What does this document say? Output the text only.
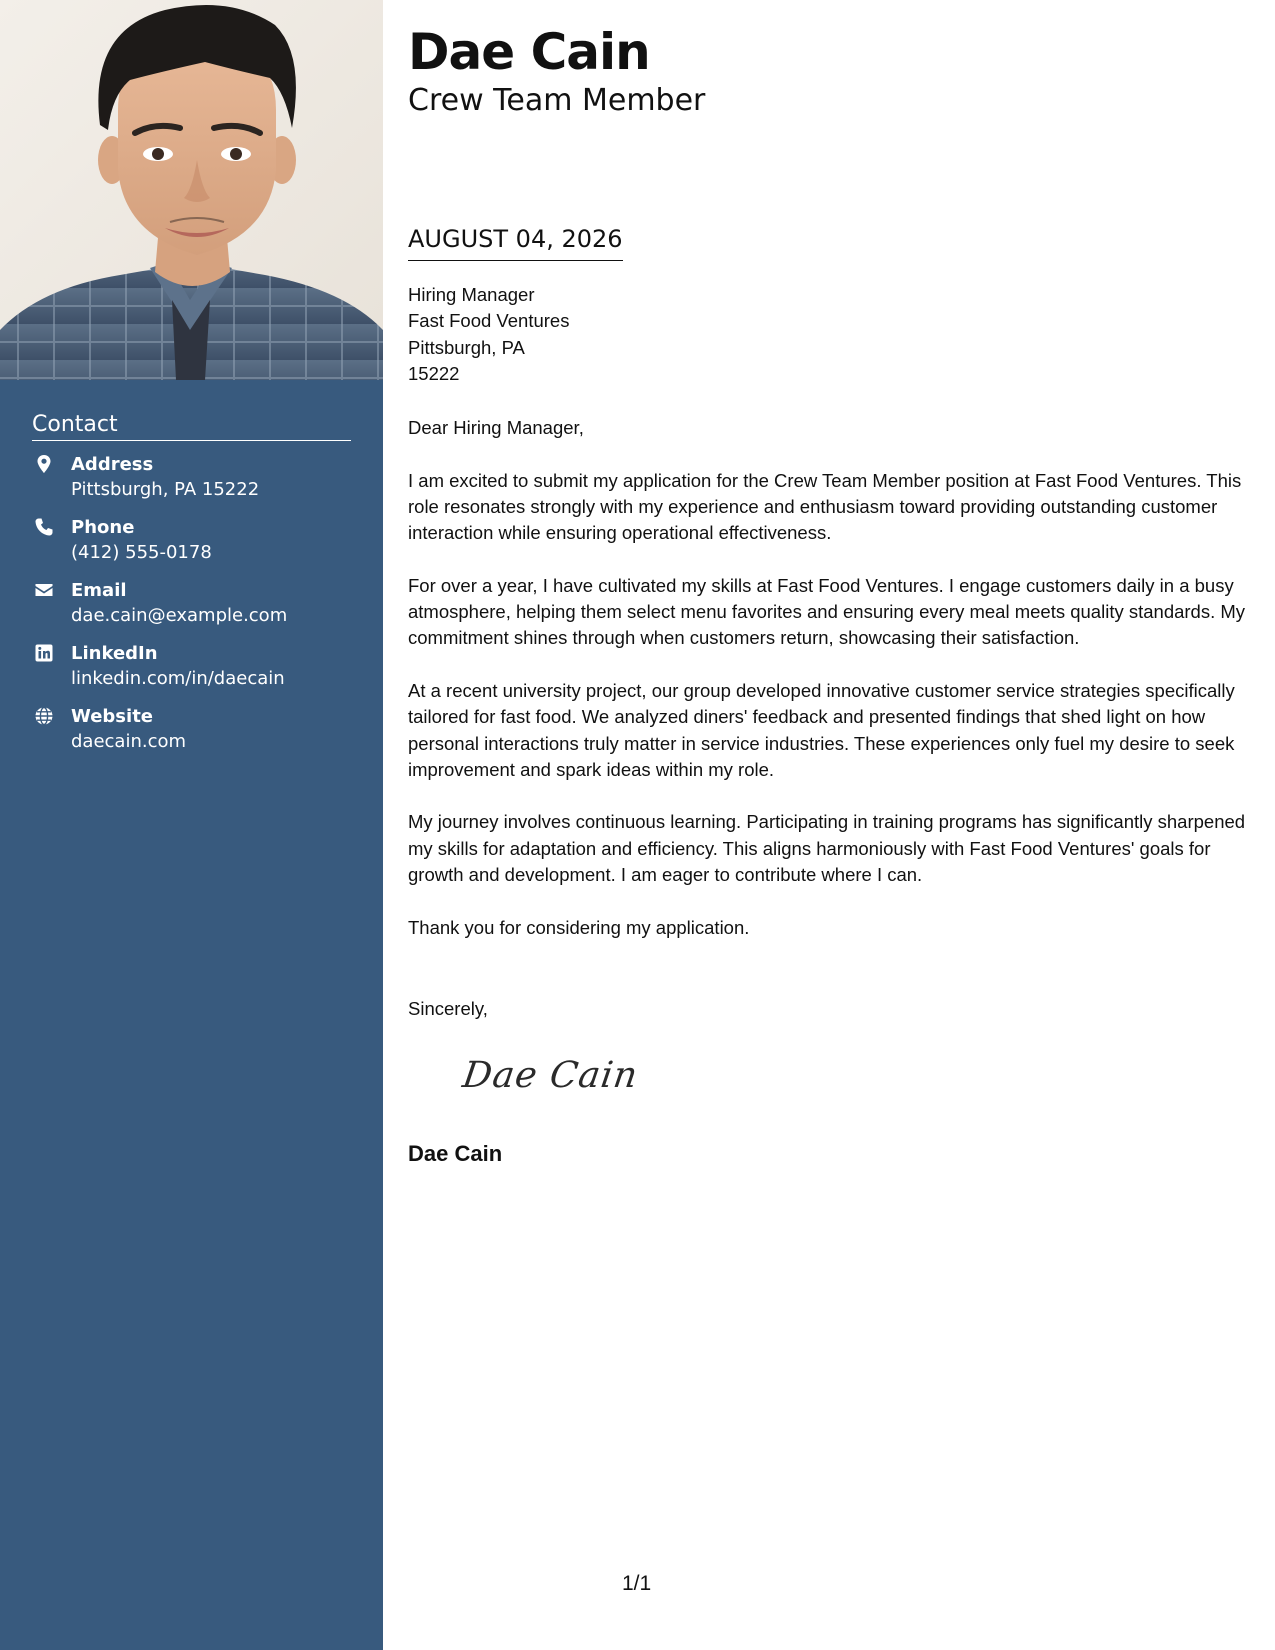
Contact
Address
Pittsburgh, PA 15222
Phone
(412) 555-0178
Email
dae.cain@example.com
LinkedIn
linkedin.com/in/daecain
Website
daecain.com
Dae Cain
Crew Team Member
AUGUST 04, 2026
Hiring Manager
Fast Food Ventures
Pittsburgh, PA
15222

Dear Hiring Manager,

I am excited to submit my application for the Crew Team Member position at Fast Food Ventures. This role resonates strongly with my experience and enthusiasm toward providing outstanding customer interaction while ensuring operational effectiveness.

For over a year, I have cultivated my skills at Fast Food Ventures. I engage customers daily in a busy atmosphere, helping them select menu favorites and ensuring every meal meets quality standards. My commitment shines through when customers return, showcasing their satisfaction.

At a recent university project, our group developed innovative customer service strategies specifically tailored for fast food. We analyzed diners' feedback and presented findings that shed light on how personal interactions truly matter in service industries. These experiences only fuel my desire to seek improvement and spark ideas within my role.

My journey involves continuous learning. Participating in training programs has significantly sharpened my skills for adaptation and efficiency. This aligns harmoniously with Fast Food Ventures' goals for growth and development. I am eager to contribute where I can.

Thank you for considering my application.

Sincerely,
Dae Cain
Dae Cain
1/1
